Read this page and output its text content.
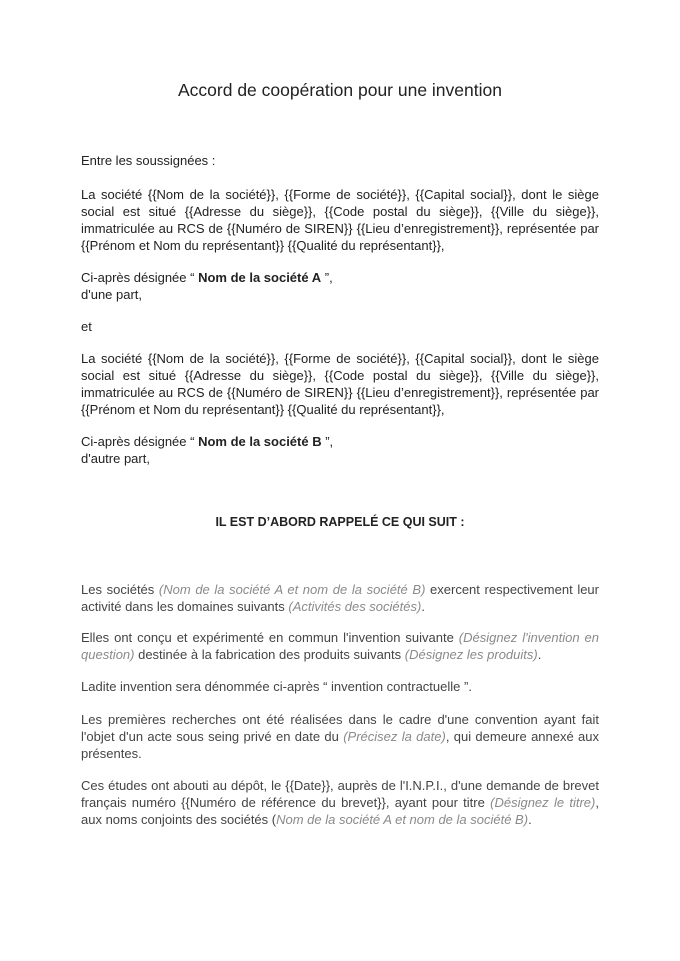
Accord de coopération pour une invention
Entre les soussignées :
La société {{Nom de la société}}, {{Forme de société}}, {{Capital social}}, dont le siège social est situé {{Adresse du siège}}, {{Code postal du siège}}, {{Ville du siège}}, immatriculée au RCS de {{Numéro de SIREN}} {{Lieu d’enregistrement}}, représentée par {{Prénom et Nom du représentant}} {{Qualité du représentant}},
Ci-après désignée “ Nom de la société A ”,
d'une part,
et
La société {{Nom de la société}}, {{Forme de société}}, {{Capital social}}, dont le siège social est situé {{Adresse du siège}}, {{Code postal du siège}}, {{Ville du siège}}, immatriculée au RCS de {{Numéro de SIREN}} {{Lieu d’enregistrement}}, représentée par {{Prénom et Nom du représentant}} {{Qualité du représentant}},
Ci-après désignée “ Nom de la société B ”,
d'autre part,
IL EST D’ABORD RAPPELÉ CE QUI SUIT :
Les sociétés (Nom de la société A et nom de la société B) exercent respectivement leur activité dans les domaines suivants (Activités des sociétés).
Elles ont conçu et expérimenté en commun l'invention suivante (Désignez l'invention en question) destinée à la fabrication des produits suivants (Désignez les produits).
Ladite invention sera dénommée ci-après “ invention contractuelle ”.
Les premières recherches ont été réalisées dans le cadre d'une convention ayant fait l'objet d'un acte sous seing privé en date du (Précisez la date), qui demeure annexé aux présentes.
Ces études ont abouti au dépôt, le {{Date}}, auprès de l'I.N.P.I., d'une demande de brevet français numéro {{Numéro de référence du brevet}}, ayant pour titre (Désignez le titre), aux noms conjoints des sociétés (Nom de la société A et nom de la société B).
